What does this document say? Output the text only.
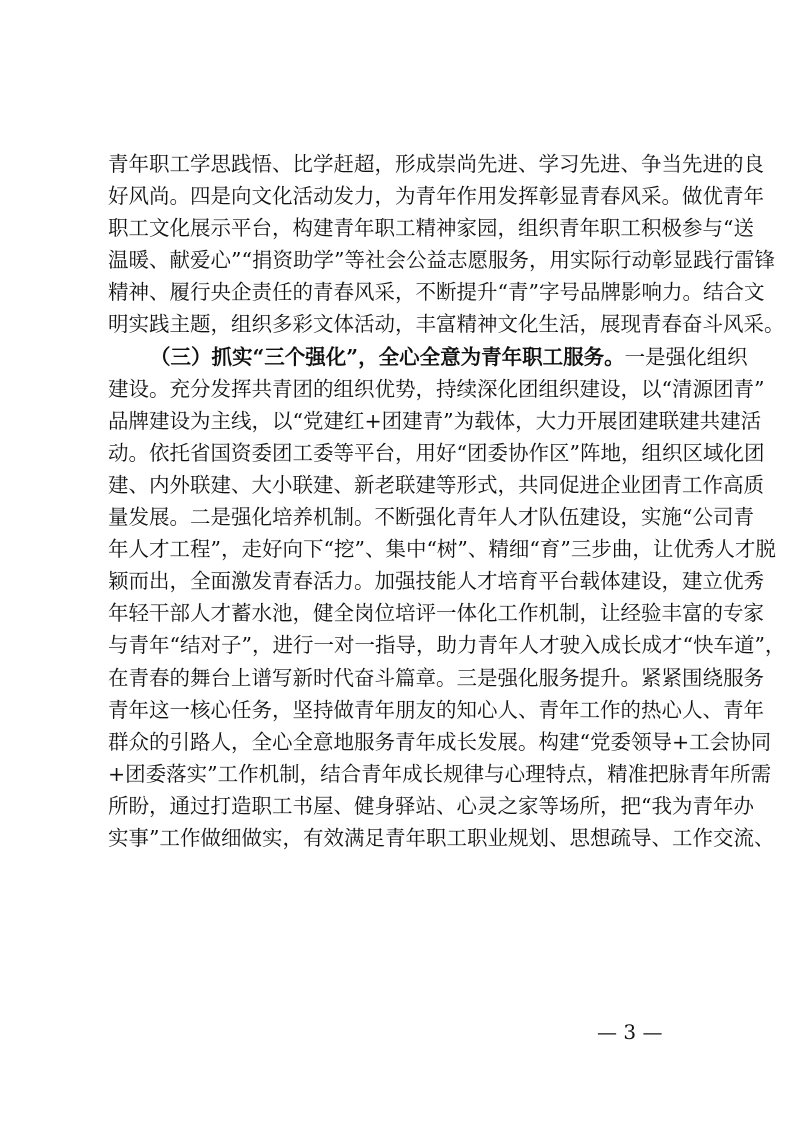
青年职工学思践悟、比学赶超，形成崇尚先进、学习先进、争当先进的良
好风尚。四是向文化活动发力，为青年作用发挥彰显青春风采。做优青年
职工文化展示平台，构建青年职工精神家园，组织青年职工积极参与“送
温暖、献爱心”“捐资助学”等社会公益志愿服务，用实际行动彰显践行雷锋
精神、履行央企责任的青春风采，不断提升“青”字号品牌影响力。结合文
明实践主题，组织多彩文体活动，丰富精神文化生活，展现青春奋斗风采。
（三）抓实“三个强化”，全心全意为青年职工服务。一是强化组织
建设。充分发挥共青团的组织优势，持续深化团组织建设，以“清源团青”
品牌建设为主线，以“党建红+团建青”为载体，大力开展团建联建共建活
动。依托省国资委团工委等平台，用好“团委协作区”阵地，组织区域化团
建、内外联建、大小联建、新老联建等形式，共同促进企业团青工作高质
量发展。二是强化培养机制。不断强化青年人才队伍建设，实施“公司青
年人才工程”，走好向下“挖”、集中“树”、精细“育”三步曲，让优秀人才脱
颖而出，全面激发青春活力。加强技能人才培育平台载体建设，建立优秀
年轻干部人才蓄水池，健全岗位培评一体化工作机制，让经验丰富的专家
与青年“结对子”，进行一对一指导，助力青年人才驶入成长成才“快车道”，
在青春的舞台上谱写新时代奋斗篇章。三是强化服务提升。紧紧围绕服务
青年这一核心任务，坚持做青年朋友的知心人、青年工作的热心人、青年
群众的引路人，全心全意地服务青年成长发展。构建“党委领导+工会协同
+团委落实”工作机制，结合青年成长规律与心理特点，精准把脉青年所需
所盼，通过打造职工书屋、健身驿站、心灵之家等场所，把“我为青年办
实事”工作做细做实，有效满足青年职工职业规划、思想疏导、工作交流、
— 3 —
